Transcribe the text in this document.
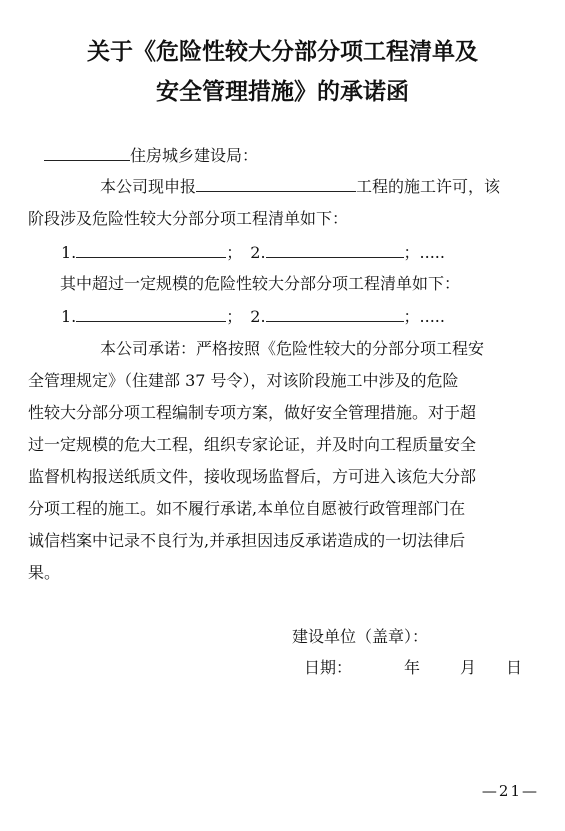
关于《危险性较大分部分项工程清单及
安全管理措施》的承诺函
住房城乡建设局：
本公司现申报	工程的施工许可，该
阶段涉及危险性较大分部分项工程清单如下：
1.	； 2.	；.....
其中超过一定规模的危险性较大分部分项工程清单如下：
1.	； 2.	；.....
本公司承诺：严格按照《危险性较大的分部分项工程安
全管理规定》（住建部 37 号令），对该阶段施工中涉及的危险
性较大分部分项工程编制专项方案，做好安全管理措施。对于超
过一定规模的危大工程，组织专家论证，并及时向工程质量安全
监督机构报送纸质文件，接收现场监督后，方可进入该危大分部
分项工程的施工。如不履行承诺,本单位自愿被行政管理部门在
诚信档案中记录不良行为,并承担因违反承诺造成的一切法律后
果。
建设单位（盖章）：
日期：	年 月 日
—21—
